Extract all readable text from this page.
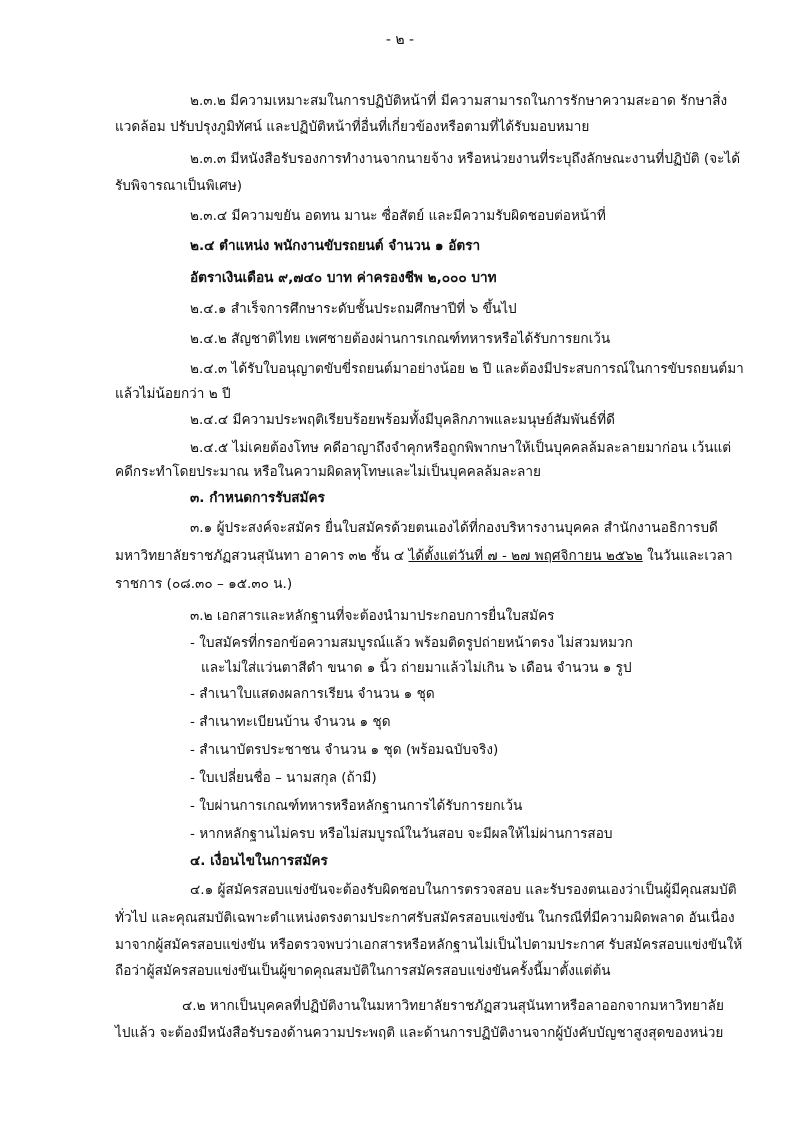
- ๒ -
๒.๓.๒ มีความเหมาะสมในการปฏิบัติหน้าที่ มีความสามารถในการรักษาความสะอาด รักษาสิ่ง
แวดล้อม ปรับปรุงภูมิทัศน์ และปฏิบัติหน้าที่อื่นที่เกี่ยวข้องหรือตามที่ได้รับมอบหมาย
๒.๓.๓ มีหนังสือรับรองการทำงานจากนายจ้าง หรือหน่วยงานที่ระบุถึงลักษณะงานที่ปฏิบัติ (จะได้
รับพิจารณาเป็นพิเศษ)
๒.๓.๔ มีความขยัน อดทน มานะ ซื่อสัตย์ และมีความรับผิดชอบต่อหน้าที่
๒.๔ ตำแหน่ง พนักงานขับรถยนต์ จำนวน ๑ อัตรา
อัตราเงินเดือน ๙,๗๔๐ บาท ค่าครองชีพ ๒,๐๐๐ บาท
๒.๔.๑ สำเร็จการศึกษาระดับชั้นประถมศึกษาปีที่ ๖ ขึ้นไป
๒.๔.๒ สัญชาติไทย เพศชายต้องผ่านการเกณฑ์ทหารหรือได้รับการยกเว้น
๒.๔.๓ ได้รับใบอนุญาตขับขี่รถยนต์มาอย่างน้อย ๒ ปี และต้องมีประสบการณ์ในการขับรถยนต์มา
แล้วไม่น้อยกว่า ๒ ปี
๒.๔.๔ มีความประพฤติเรียบร้อยพร้อมทั้งมีบุคลิกภาพและมนุษย์สัมพันธ์ที่ดี
๒.๔.๕ ไม่เคยต้องโทษ คดีอาญาถึงจำคุกหรือถูกพิพากษาให้เป็นบุคคลล้มละลายมาก่อน เว้นแต่
คดีกระทำโดยประมาณ หรือในความผิดลหุโทษและไม่เป็นบุคคลล้มละลาย
๓. กำหนดการรับสมัคร
๓.๑ ผู้ประสงค์จะสมัคร ยื่นใบสมัครด้วยตนเองได้ที่กองบริหารงานบุคคล สำนักงานอธิการบดี
มหาวิทยาลัยราชภัฏสวนสุนันทา อาคาร ๓๒ ชั้น ๔ ได้ตั้งแต่วันที่ ๗ - ๒๗ พฤศจิกายน ๒๕๖๒ ในวันและเวลา
ราชการ (๐๘.๓๐ – ๑๕.๓๐ น.)
๓.๒ เอกสารและหลักฐานที่จะต้องนำมาประกอบการยื่นใบสมัคร
- ใบสมัครที่กรอกข้อความสมบูรณ์แล้ว พร้อมติดรูปถ่ายหน้าตรง ไม่สวมหมวก
และไม่ใส่แว่นตาสีดำ ขนาด ๑ นิ้ว ถ่ายมาแล้วไม่เกิน ๖ เดือน จำนวน ๑ รูป
- สำเนาใบแสดงผลการเรียน จำนวน ๑ ชุด
- สำเนาทะเบียนบ้าน จำนวน ๑ ชุด
- สำเนาบัตรประชาชน จำนวน ๑ ชุด (พร้อมฉบับจริง)
- ใบเปลี่ยนชื่อ – นามสกุล (ถ้ามี)
- ใบผ่านการเกณฑ์ทหารหรือหลักฐานการได้รับการยกเว้น
- หากหลักฐานไม่ครบ หรือไม่สมบูรณ์ในวันสอบ จะมีผลให้ไม่ผ่านการสอบ
๔. เงื่อนไขในการสมัคร
๔.๑ ผู้สมัครสอบแข่งขันจะต้องรับผิดชอบในการตรวจสอบ และรับรองตนเองว่าเป็นผู้มีคุณสมบัติ
ทั่วไป และคุณสมบัติเฉพาะตำแหน่งตรงตามประกาศรับสมัครสอบแข่งขัน ในกรณีที่มีความผิดพลาด อันเนื่อง
มาจากผู้สมัครสอบแข่งขัน หรือตรวจพบว่าเอกสารหรือหลักฐานไม่เป็นไปตามประกาศ รับสมัครสอบแข่งขันให้
ถือว่าผู้สมัครสอบแข่งขันเป็นผู้ขาดคุณสมบัติในการสมัครสอบแข่งขันครั้งนี้มาตั้งแต่ต้น
๔.๒ หากเป็นบุคคลที่ปฏิบัติงานในมหาวิทยาลัยราชภัฏสวนสุนันทาหรือลาออกจากมหาวิทยาลัย
ไปแล้ว จะต้องมีหนังสือรับรองด้านความประพฤติ และด้านการปฏิบัติงานจากผู้บังคับบัญชาสูงสุดของหน่วย
